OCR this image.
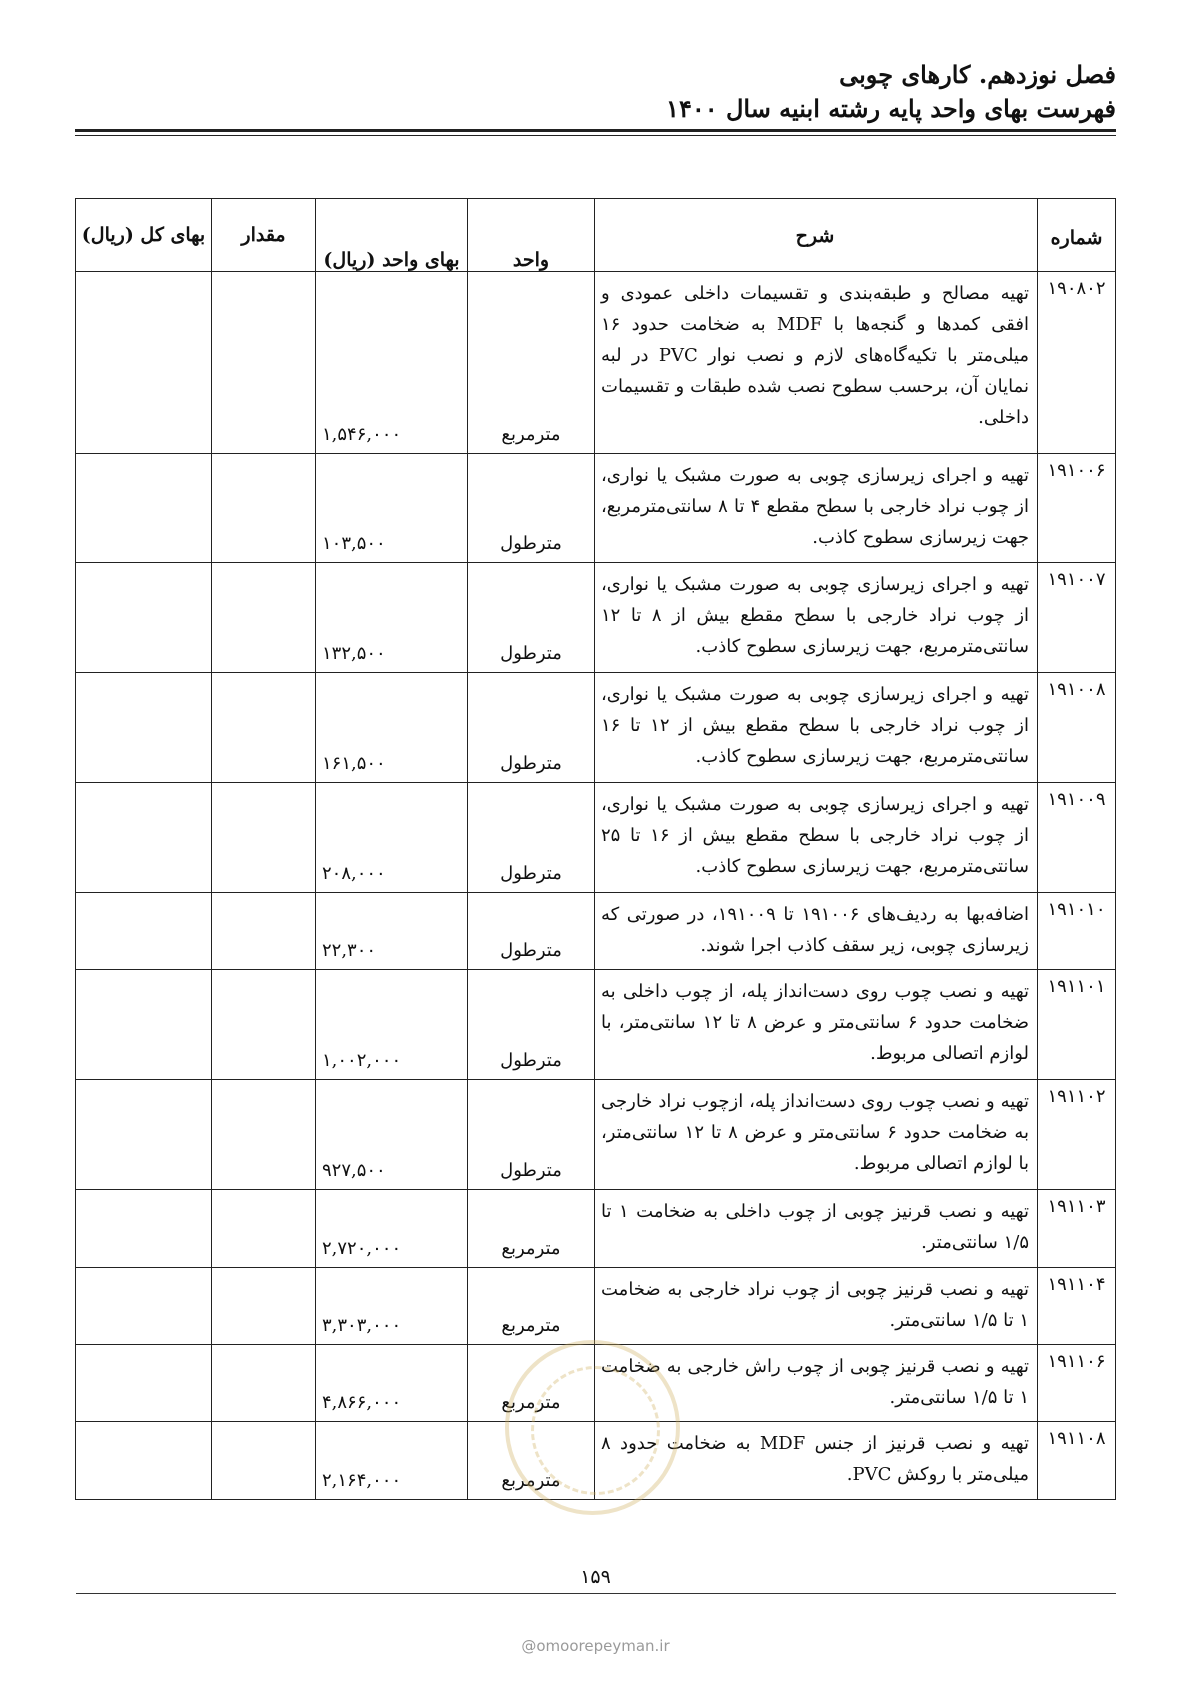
فصل نوزدهم. کارهای چوبی
فهرست بهای واحد پایه رشته ابنیه سال ۱۴۰۰
شماره	شرح	واحد	بهای واحد (ریال)	مقدار	بهای کل (ریال)
۱۹۰۸۰۲	تهیه مصالح و طبقه‌بندی و تقسیمات داخلی عمودی و افقی کمدها و گنجه‌ها با MDF به ضخامت حدود ۱۶ میلی‌متر با تکیه‌گاه‌های لازم و نصب نوار PVC در لبه نمایان آن، برحسب سطوح نصب شده طبقات و تقسیمات داخلی.	مترمربع	۱,۵۴۶,۰۰۰		
۱۹۱۰۰۶	تهیه و اجرای زیرسازی چوبی به صورت مشبک یا نواری، از چوب نراد خارجی با سطح مقطع ۴ تا ۸ سانتی‌مترمربع، جهت زیرسازی سطوح کاذب.	مترطول	۱۰۳,۵۰۰		
۱۹۱۰۰۷	تهیه و اجرای زیرسازی چوبی به صورت مشبک یا نواری، از چوب نراد خارجی با سطح مقطع بیش از ۸ تا ۱۲ سانتی‌مترمربع، جهت زیرسازی سطوح کاذب.	مترطول	۱۳۲,۵۰۰		
۱۹۱۰۰۸	تهیه و اجرای زیرسازی چوبی به صورت مشبک یا نواری، از چوب نراد خارجی با سطح مقطع بیش از ۱۲ تا ۱۶ سانتی‌مترمربع، جهت زیرسازی سطوح کاذب.	مترطول	۱۶۱,۵۰۰		
۱۹۱۰۰۹	تهیه و اجرای زیرسازی چوبی به صورت مشبک یا نواری، از چوب نراد خارجی با سطح مقطع بیش از ۱۶ تا ۲۵ سانتی‌مترمربع، جهت زیرسازی سطوح کاذب.	مترطول	۲۰۸,۰۰۰		
۱۹۱۰۱۰	اضافه‌بها به ردیف‌های ۱۹۱۰۰۶ تا ۱۹۱۰۰۹، در صورتی که زیرسازی چوبی، زیر سقف کاذب اجرا شوند.	مترطول	۲۲,۳۰۰		
۱۹۱۱۰۱	تهیه و نصب چوب روی دست‌انداز پله، از چوب داخلی به ضخامت حدود ۶ سانتی‌متر و عرض ۸ تا ۱۲ سانتی‌متر، با لوازم اتصالی مربوط.	مترطول	۱,۰۰۲,۰۰۰		
۱۹۱۱۰۲	تهیه و نصب چوب روی دست‌انداز پله، ازچوب نراد خارجی به ضخامت حدود ۶ سانتی‌متر و عرض ۸ تا ۱۲ سانتی‌متر، با لوازم اتصالی مربوط.	مترطول	۹۲۷,۵۰۰		
۱۹۱۱۰۳	تهیه و نصب قرنیز چوبی از چوب داخلی به ضخامت ۱ تا ۱/۵ سانتی‌متر.	مترمربع	۲,۷۲۰,۰۰۰		
۱۹۱۱۰۴	تهیه و نصب قرنیز چوبی از چوب نراد خارجی به ضخامت ۱ تا ۱/۵ سانتی‌متر.	مترمربع	۳,۳۰۳,۰۰۰		
۱۹۱۱۰۶	تهیه و نصب قرنیز چوبی از چوب راش خارجی به ضخامت ۱ تا ۱/۵ سانتی‌متر.	مترمربع	۴,۸۶۶,۰۰۰		
۱۹۱۱۰۸	تهیه و نصب قرنیز از جنس MDF به ضخامت حدود ۸ میلی‌متر با روکش PVC.	مترمربع	۲,۱۶۴,۰۰۰		
۱۵۹
@omoorepeyman.ir
